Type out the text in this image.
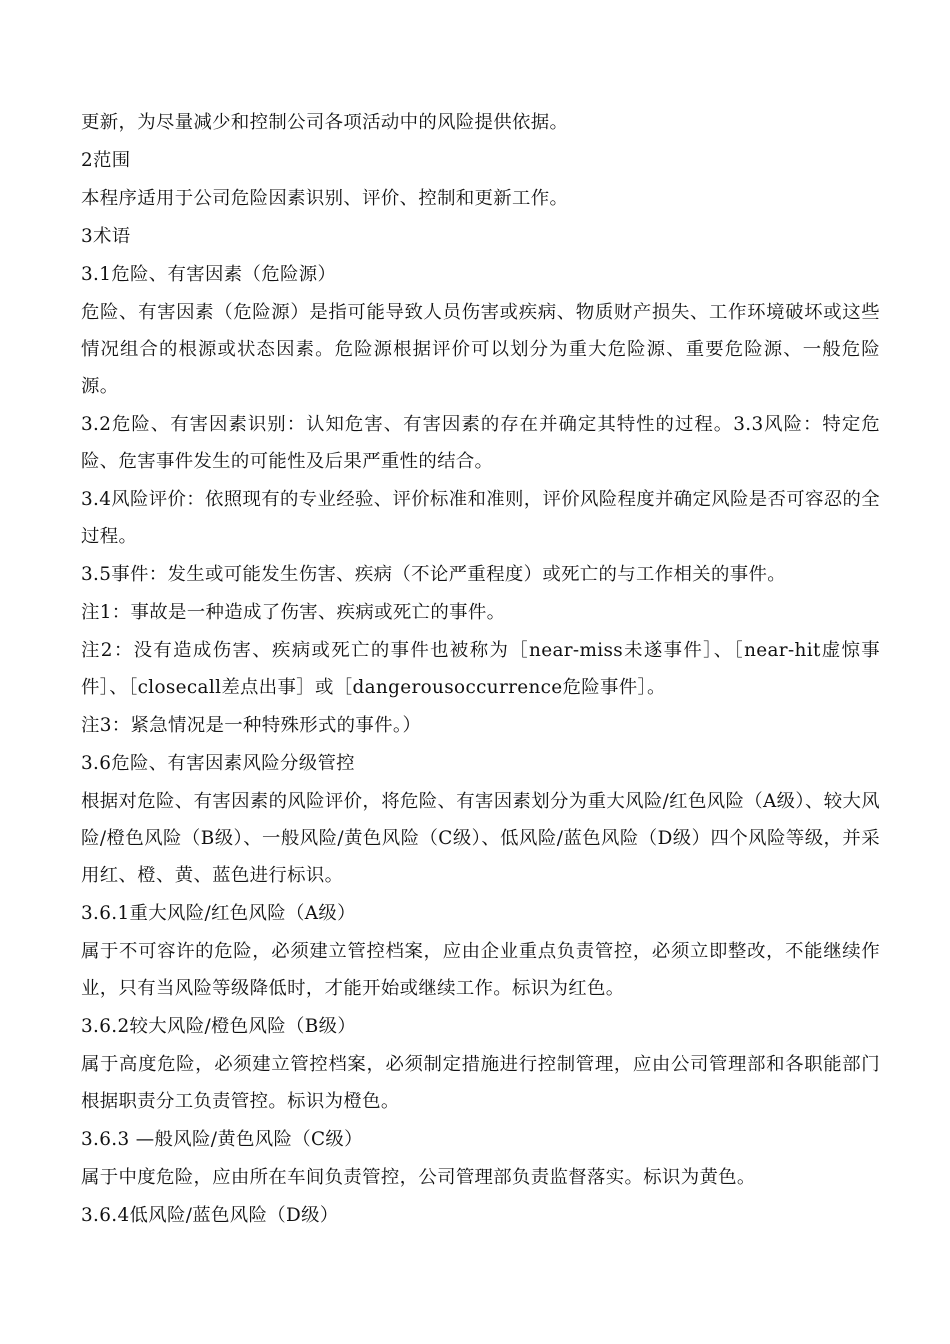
更新，为尽量减少和控制公司各项活动中的风险提供依据。

2范围

本程序适用于公司危险因素识别、评价、控制和更新工作。

3术语

3.1危险、有害因素（危险源）

危险、有害因素（危险源）是指可能导致人员伤害或疾病、物质财产损失、工作环境破坏或这些情况组合的根源或状态因素。危险源根据评价可以划分为重大危险源、重要危险源、一般危险源。

3.2危险、有害因素识别：认知危害、有害因素的存在并确定其特性的过程。3.3风险：特定危险、危害事件发生的可能性及后果严重性的结合。

3.4风险评价：依照现有的专业经验、评价标准和准则，评价风险程度并确定风险是否可容忍的全过程。

3.5事件：发生或可能发生伤害、疾病（不论严重程度）或死亡的与工作相关的事件。

注1：事故是一种造成了伤害、疾病或死亡的事件。

注2：没有造成伤害、疾病或死亡的事件也被称为［near-miss未遂事件］、［near-hit虚惊事件］、［closecall差点出事］或［dangerousoccurrence危险事件］。

注3：紧急情况是一种特殊形式的事件。）

3.6危险、有害因素风险分级管控

根据对危险、有害因素的风险评价，将危险、有害因素划分为重大风险/红色风险（A级）、较大风险/橙色风险（B级）、一般风险/黄色风险（C级）、低风险/蓝色风险（D级）四个风险等级，并采用红、橙、黄、蓝色进行标识。

3.6.1重大风险/红色风险（A级）

属于不可容许的危险，必须建立管控档案，应由企业重点负责管控，必须立即整改，不能继续作业，只有当风险等级降低时，才能开始或继续工作。标识为红色。

3.6.2较大风险/橙色风险（B级）

属于高度危险，必须建立管控档案，必须制定措施进行控制管理，应由公司管理部和各职能部门根据职责分工负责管控。标识为橙色。

3.6.3 —般风险/黄色风险（C级）

属于中度危险，应由所在车间负责管控，公司管理部负责监督落实。标识为黄色。

3.6.4低风险/蓝色风险（D级）
